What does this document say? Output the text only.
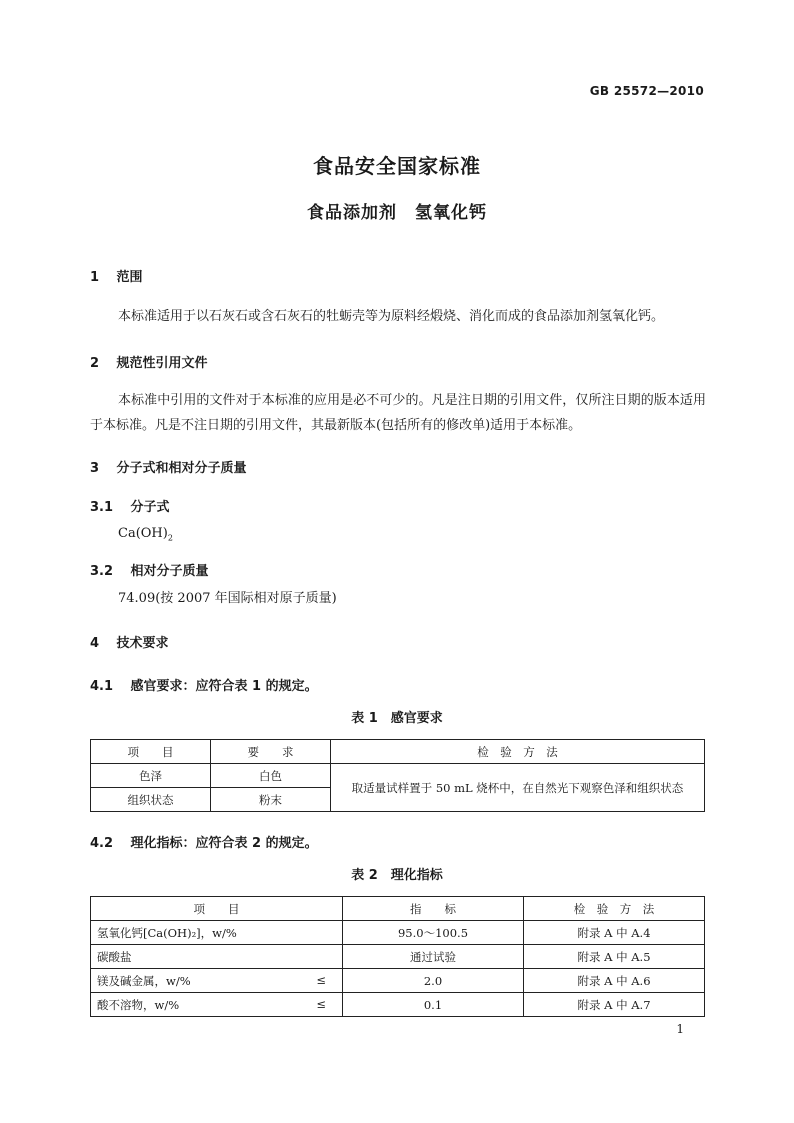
GB 25572—2010
食品安全国家标准
食品添加剂　氢氧化钙
1 范围
本标准适用于以石灰石或含石灰石的牡蛎壳等为原料经煅烧、消化而成的食品添加剂氢氧化钙。
2 规范性引用文件
本标准中引用的文件对于本标准的应用是必不可少的。凡是注日期的引用文件，仅所注日期的版本适用于本标准。凡是不注日期的引用文件，其最新版本(包括所有的修改单)适用于本标准。
3 分子式和相对分子质量
3.1 分子式
$Ca(OH)_2$
3.2 相对分子质量
74.09(按 2007 年国际相对原子质量)
4 技术要求
4.1 感官要求：应符合表 1 的规定。
表 1　感官要求
项　　目	要　　求	检　验　方　法
色泽	白色	取适量试样置于 50 mL 烧杯中，在自然光下观察色泽和组织状态
组织状态	粉末	
4.2 理化指标：应符合表 2 的规定。
表 2　理化指标
项　　目	指　　标	检　验　方　法
氢氧化钙[Ca(OH)₂]，w/%	95.0～100.5	附录 A 中 A.4
碳酸盐	通过试验	附录 A 中 A.5
镁及碱金属，w/% ≤	2.0	附录 A 中 A.6
酸不溶物，w/% ≤	0.1	附录 A 中 A.7
1
